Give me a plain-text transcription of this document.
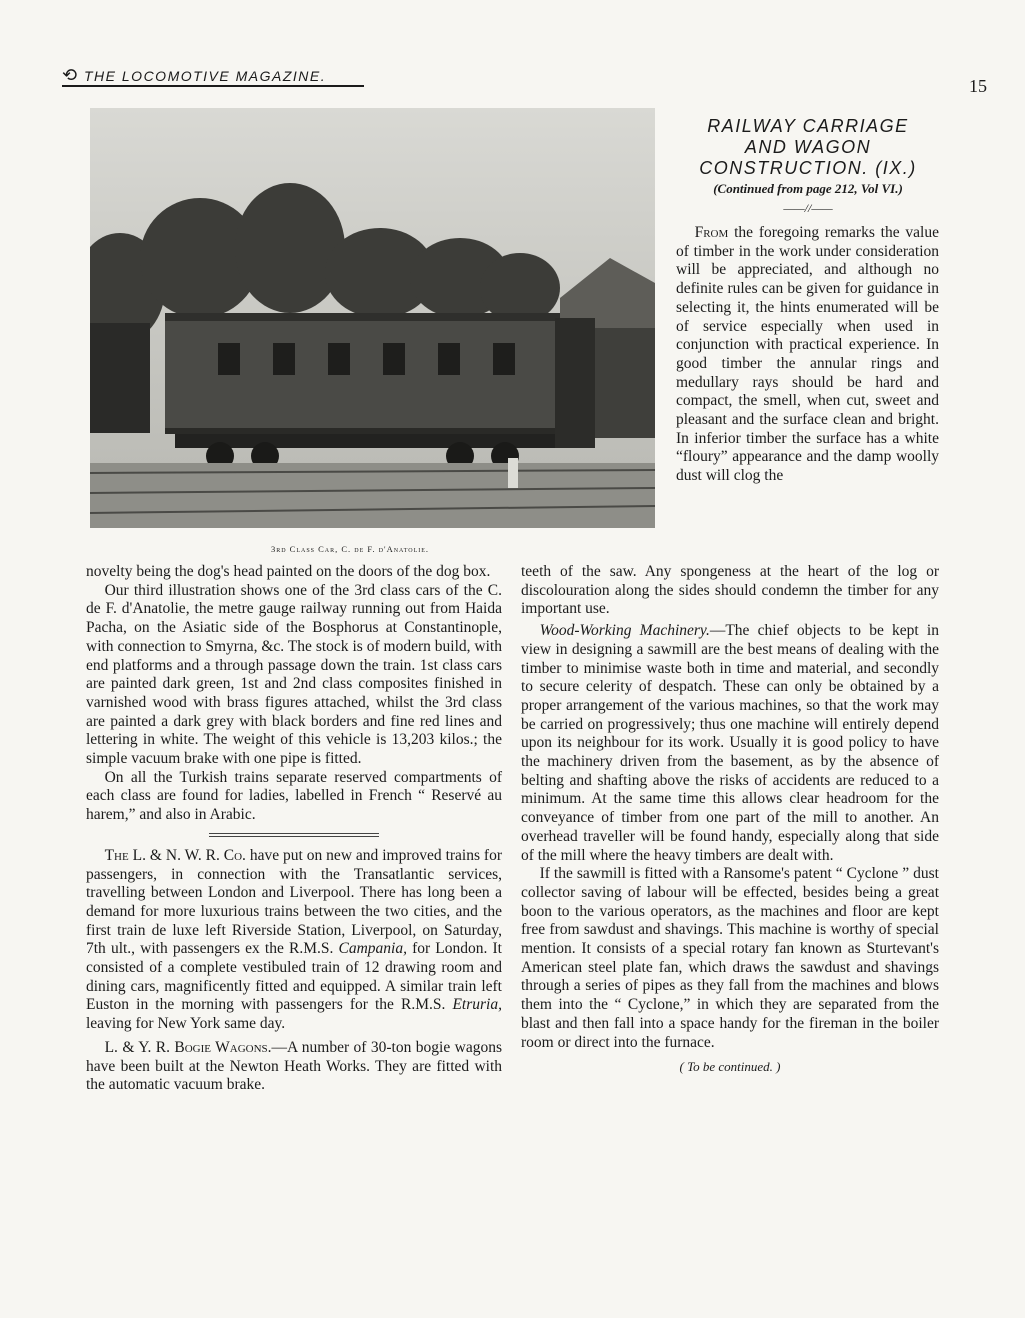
⟲ THE LOCOMOTIVE MAGAZINE.	15
3rd Class Car, C. de F. d'Anatolie.
RAILWAY CARRIAGE
AND WAGON
CONSTRUCTION. (IX.)
(Continued from page 212, Vol VI.)
——//——

From the foregoing remarks the value of timber in the work under consideration will be appreciated, and although no definite rules can be given for guidance in selecting it, the hints enumerated will be of service especially when used in conjunction with practical experience. In good timber the annular rings and medullary rays should be hard and compact, the smell, when cut, sweet and pleasant and the surface clean and bright. In inferior timber the surface has a white “floury” appearance and the damp woolly dust will clog the

novelty being the dog's head painted on the doors of the dog box.

Our third illustration shows one of the 3rd class cars of the C. de F. d'Anatolie, the metre gauge railway running out from Haida Pacha, on the Asiatic side of the Bosphorus at Constantinople, with connection to Smyrna, &c. The stock is of modern build, with end platforms and a through passage down the train. 1st class cars are painted dark green, 1st and 2nd class composites finished in varnished wood with brass figures attached, whilst the 3rd class are painted a dark grey with black borders and fine red lines and lettering in white. The weight of this vehicle is 13,203 kilos.; the simple vacuum brake with one pipe is fitted.

On all the Turkish trains separate reserved compartments of each class are found for ladies, labelled in French “ Reservé au harem,” and also in Arabic.

The L. & N. W. R. Co. have put on new and improved trains for passengers, in connection with the Transatlantic services, travelling between London and Liverpool. There has long been a demand for more luxurious trains between the two cities, and the first train de luxe left Riverside Station, Liverpool, on Saturday, 7th ult., with passengers ex the R.M.S. Campania, for London. It consisted of a complete vestibuled train of 12 drawing room and dining cars, magnificently fitted and equipped. A similar train left Euston in the morning with passengers for the R.M.S. Etruria, leaving for New York same day.

L. & Y. R. Bogie Wagons.—A number of 30-ton bogie wagons have been built at the Newton Heath Works. They are fitted with the automatic vacuum brake.

teeth of the saw. Any spongeness at the heart of the log or discolouration along the sides should condemn the timber for any important use.

Wood-Working Machinery.—The chief objects to be kept in view in designing a sawmill are the best means of dealing with the timber to minimise waste both in time and material, and secondly to secure celerity of despatch. These can only be obtained by a proper arrangement of the various machines, so that the work may be carried on progressively; thus one machine will entirely depend upon its neighbour for its work. Usually it is good policy to have the machinery driven from the basement, as by the absence of belting and shafting above the risks of accidents are reduced to a minimum. At the same time this allows clear headroom for the conveyance of timber from one part of the mill to another. An overhead traveller will be found handy, especially along that side of the mill where the heavy timbers are dealt with.

If the sawmill is fitted with a Ransome's patent “ Cyclone ” dust collector saving of labour will be effected, besides being a great boon to the various operators, as the machines and floor are kept free from sawdust and shavings. This machine is worthy of special mention. It consists of a special rotary fan known as Sturtevant's American steel plate fan, which draws the sawdust and shavings through a series of pipes as they fall from the machines and blows them into the “ Cyclone,” in which they are separated from the blast and then fall into a space handy for the fireman in the boiler room or direct into the furnace.

( To be continued. )
